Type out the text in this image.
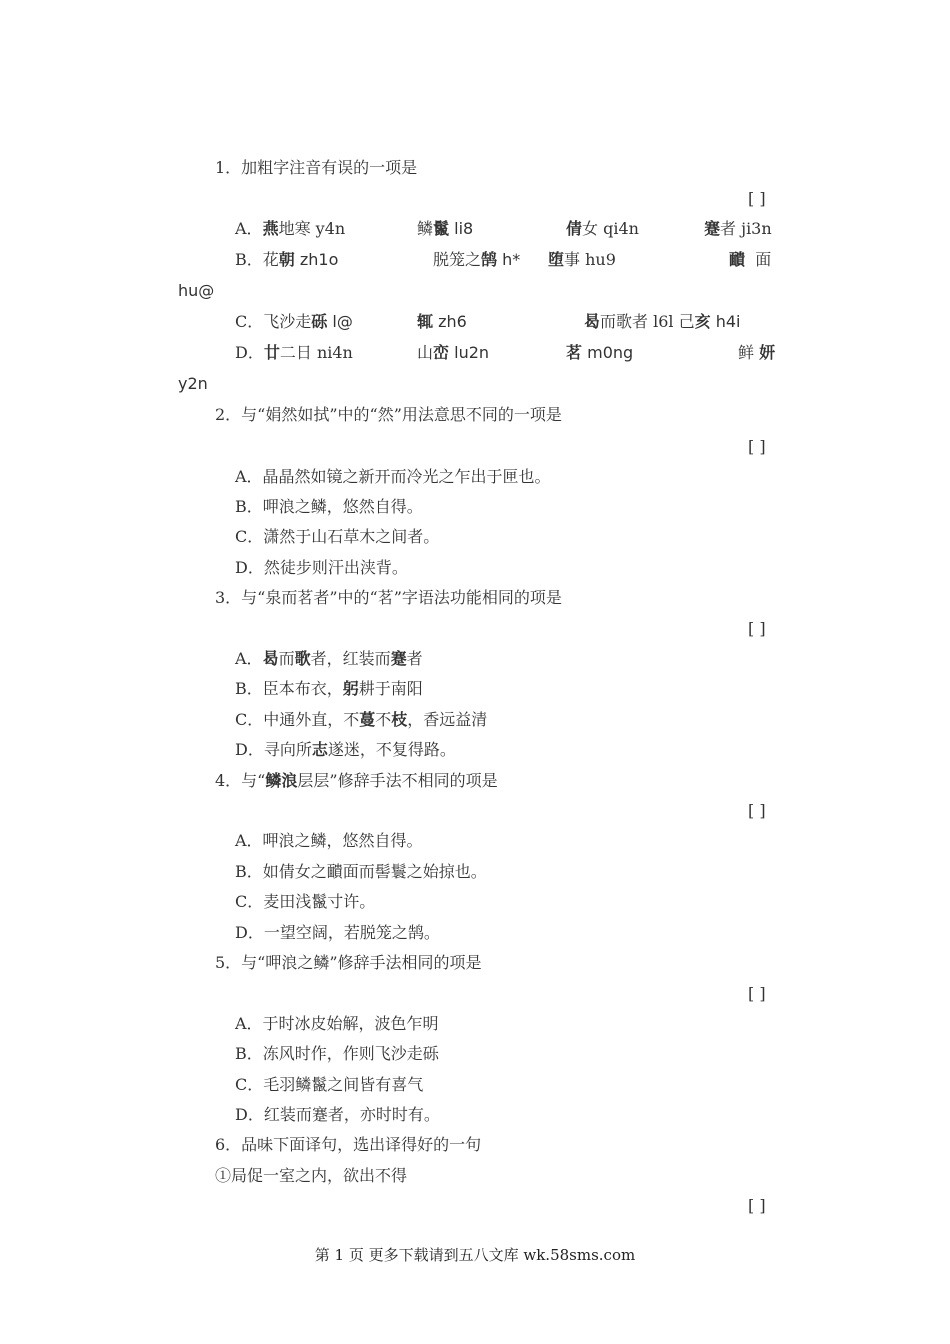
1．加粗字注音有误的一项是
[ ]
A．燕地寒 y4n	鳞鬣 li8	倩女 qi4n	蹇者 ji3n
B．花朝 zh1o	脱笼之鹄 h* 堕事 hu9	靧 面
hu@
C．飞沙走砾 l@	辄 zh6	曷而歌者 l6l 己亥 h4i
D．廿二日 ni4n	山峦 lu2n	茗 m0ng	鲜 妍
y2n
2．与“娟然如拭”中的“然”用法意思不同的一项是
[ ]
A．晶晶然如镜之新开而冷光之乍出于匣也。
B．呷浪之鳞，悠然自得。
C．潇然于山石草木之间者。
D．然徒步则汗出浃背。
3．与“泉而茗者”中的“茗”字语法功能相同的项是
[ ]
A．曷而歌者，红装而蹇者
B．臣本布衣，躬耕于南阳
C．中通外直，不蔓不枝，香远益清
D．寻向所志遂迷，不复得路。
4．与“鳞浪层层”修辞手法不相同的项是
[ ]
A．呷浪之鳞，悠然自得。
B．如倩女之靧面而髻鬟之始掠也。
C．麦田浅鬣寸许。
D．一望空阔，若脱笼之鹄。
5．与“呷浪之鳞”修辞手法相同的项是
[ ]
A．于时冰皮始解，波色乍明
B．冻风时作，作则飞沙走砾
C．毛羽鳞鬣之间皆有喜气
D．红装而蹇者，亦时时有。
6．品味下面译句，选出译得好的一句
①局促一室之内，欲出不得
[ ]
第 1 页 更多下载请到五八文库 wk.58sms.com
